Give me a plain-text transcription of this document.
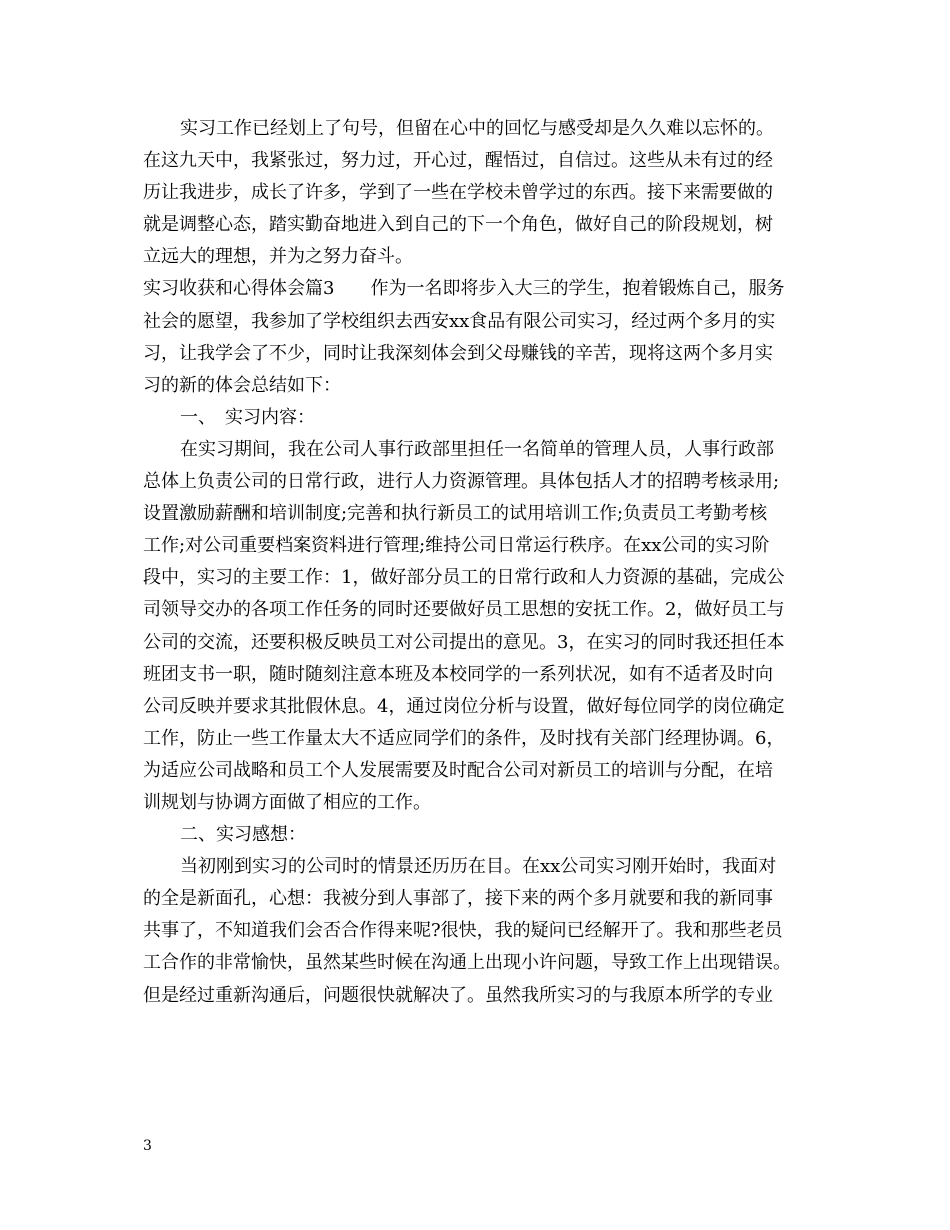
实习工作已经划上了句号，但留在心中的回忆与感受却是久久难以忘怀的。
在这九天中，我紧张过，努力过，开心过，醒悟过，自信过。这些从未有过的经
历让我进步，成长了许多，学到了一些在学校未曾学过的东西。接下来需要做的
就是调整心态，踏实勤奋地进入到自己的下一个角色，做好自己的阶段规划，树
立远大的理想，并为之努力奋斗。
实习收获和心得体会篇3　　作为一名即将步入大三的学生，抱着锻炼自己，服务
社会的愿望，我参加了学校组织去西安xx食品有限公司实习，经过两个多月的实
习，让我学会了不少，同时让我深刻体会到父母赚钱的辛苦，现将这两个多月实
习的新的体会总结如下：
一、　实习内容：
在实习期间，我在公司人事行政部里担任一名简单的管理人员，人事行政部
总体上负责公司的日常行政，进行人力资源管理。具体包括人才的招聘考核录用;
设置激励薪酬和培训制度;完善和执行新员工的试用培训工作;负责员工考勤考核
工作;对公司重要档案资料进行管理;维持公司日常运行秩序。在xx公司的实习阶
段中，实习的主要工作：1，做好部分员工的日常行政和人力资源的基础，完成公
司领导交办的各项工作任务的同时还要做好员工思想的安抚工作。2，做好员工与
公司的交流，还要积极反映员工对公司提出的意见。3，在实习的同时我还担任本
班团支书一职，随时随刻注意本班及本校同学的一系列状况，如有不适者及时向
公司反映并要求其批假休息。4，通过岗位分析与设置，做好每位同学的岗位确定
工作，防止一些工作量太大不适应同学们的条件，及时找有关部门经理协调。6，
为适应公司战略和员工个人发展需要及时配合公司对新员工的培训与分配，在培
训规划与协调方面做了相应的工作。
二、实习感想：
当初刚到实习的公司时的情景还历历在目。在xx公司实习刚开始时，我面对
的全是新面孔，心想：我被分到人事部了，接下来的两个多月就要和我的新同事
共事了，不知道我们会否合作得来呢?很快，我的疑问已经解开了。我和那些老员
工合作的非常愉快，虽然某些时候在沟通上出现小许问题，导致工作上出现错误。
但是经过重新沟通后，问题很快就解决了。虽然我所实习的与我原本所学的专业
3
